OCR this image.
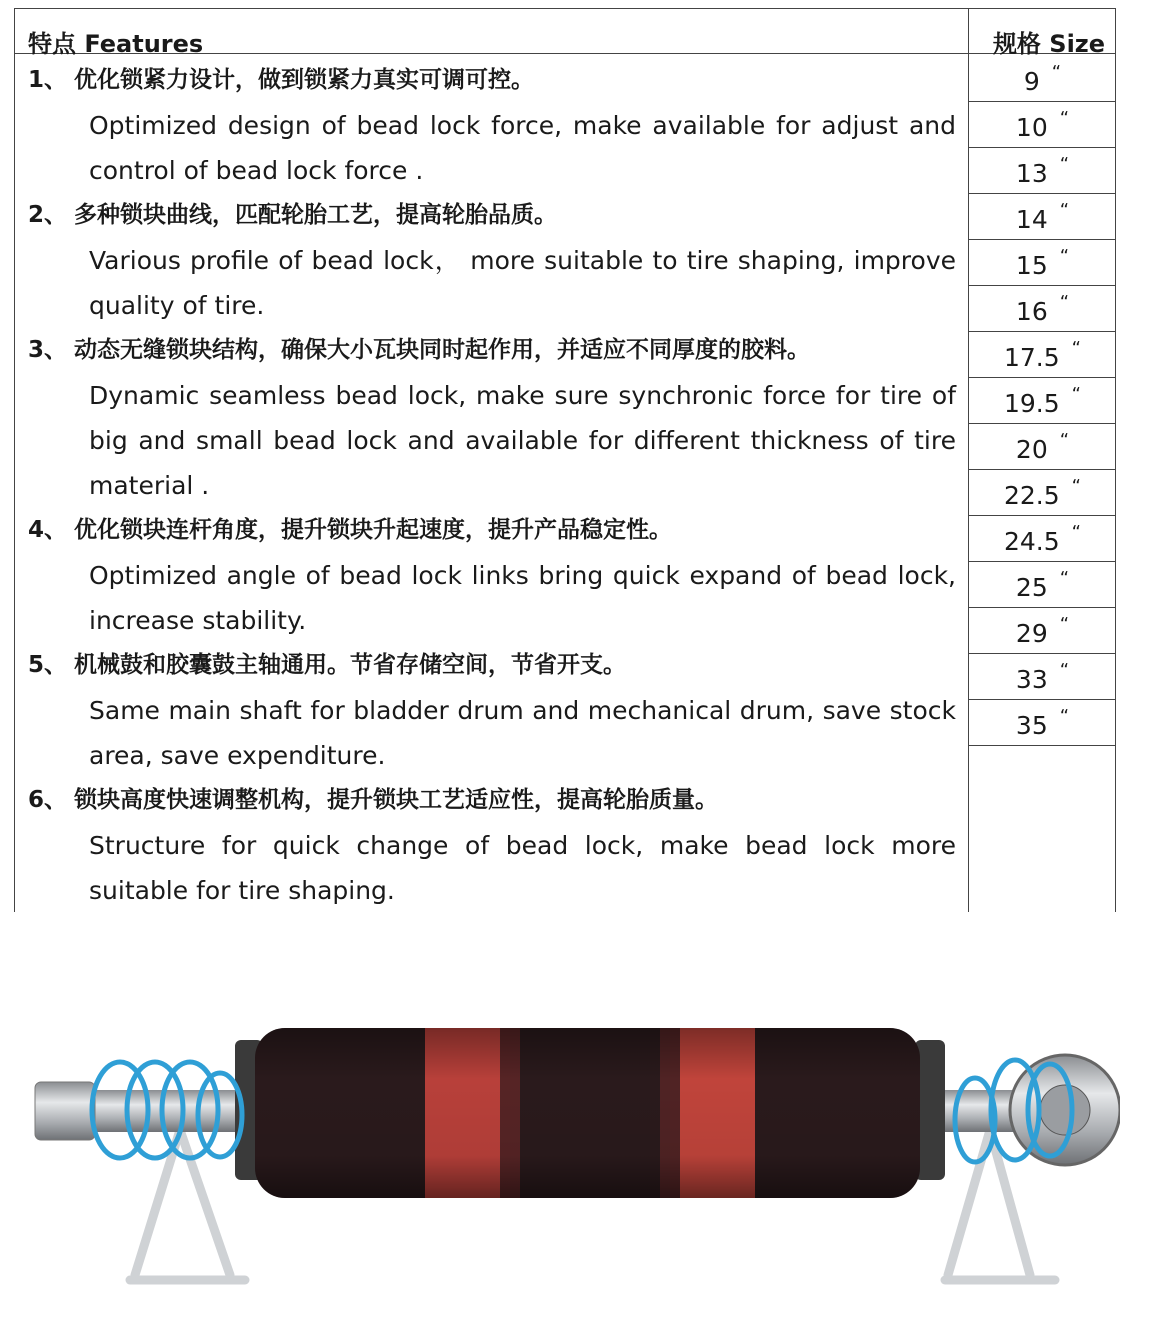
特点 Features	规格 Size
1、 优化锁紧力设计，做到锁紧力真实可调可控。
Optimized design of bead lock force, make available for adjust and control of bead lock force .
2、 多种锁块曲线，匹配轮胎工艺，提高轮胎品质。
Various profile of bead lock， more suitable to tire shaping, improve quality of tire.
3、 动态无缝锁块结构，确保大小瓦块同时起作用，并适应不同厚度的胶料。
Dynamic seamless bead lock, make sure synchronic force for tire of big and small bead lock and available for different thickness of tire material .
4、 优化锁块连杆角度，提升锁块升起速度，提升产品稳定性。
Optimized angle of bead lock links bring quick expand of bead lock, increase stability.
5、 机械鼓和胶囊鼓主轴通用。节省存储空间，节省开支。
Same main shaft for bladder drum and mechanical drum, save stock area, save expenditure.
6、 锁块高度快速调整机构，提升锁块工艺适应性，提高轮胎质量。
Structure for quick change of bead lock, make bead lock more suitable for tire shaping.
9 “
10 “
13 “
14 “
15 “
16 “
17.5 “
19.5 “
20 “
22.5 “
24.5 “
25 “
29 “
33 “
35 “
